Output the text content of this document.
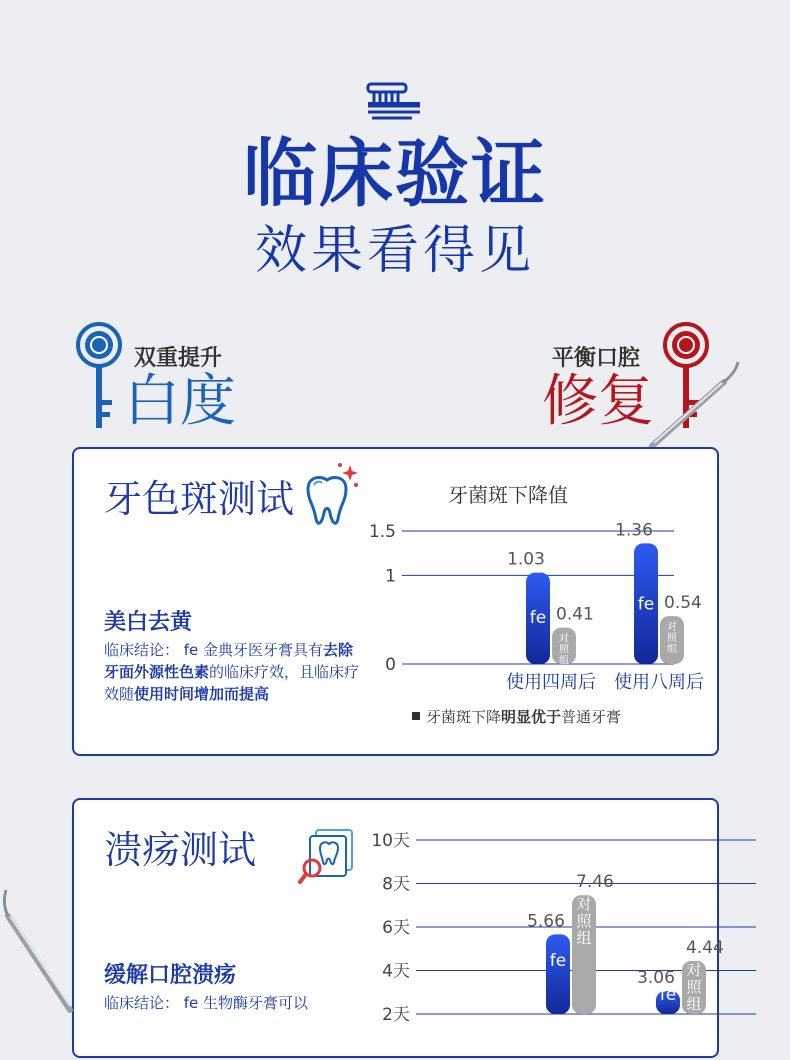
临床验证
效果看得见
双重提升
白度
平衡口腔
修复
牙色斑测试
美白去黄
临床结论： fe 金典牙医牙膏具有去除牙面外源性色素的临床疗效，且临床疗效随使用时间增加而提高
牙菌斑下降值
0
1
1.5
1.03
fe 0.41
对
照
组
使用四周后
1.36
fe 0.54
对
照
组
使用八周后
牙菌斑下降明显优于普通牙膏
溃疡测试
缓解口腔溃疡
临床结论： fe 生物酶牙膏可以
2天
4天
6天
8天
10天
5.66
fe
7.46
对
照
组
3.06
fe
4.44
对
照
组
